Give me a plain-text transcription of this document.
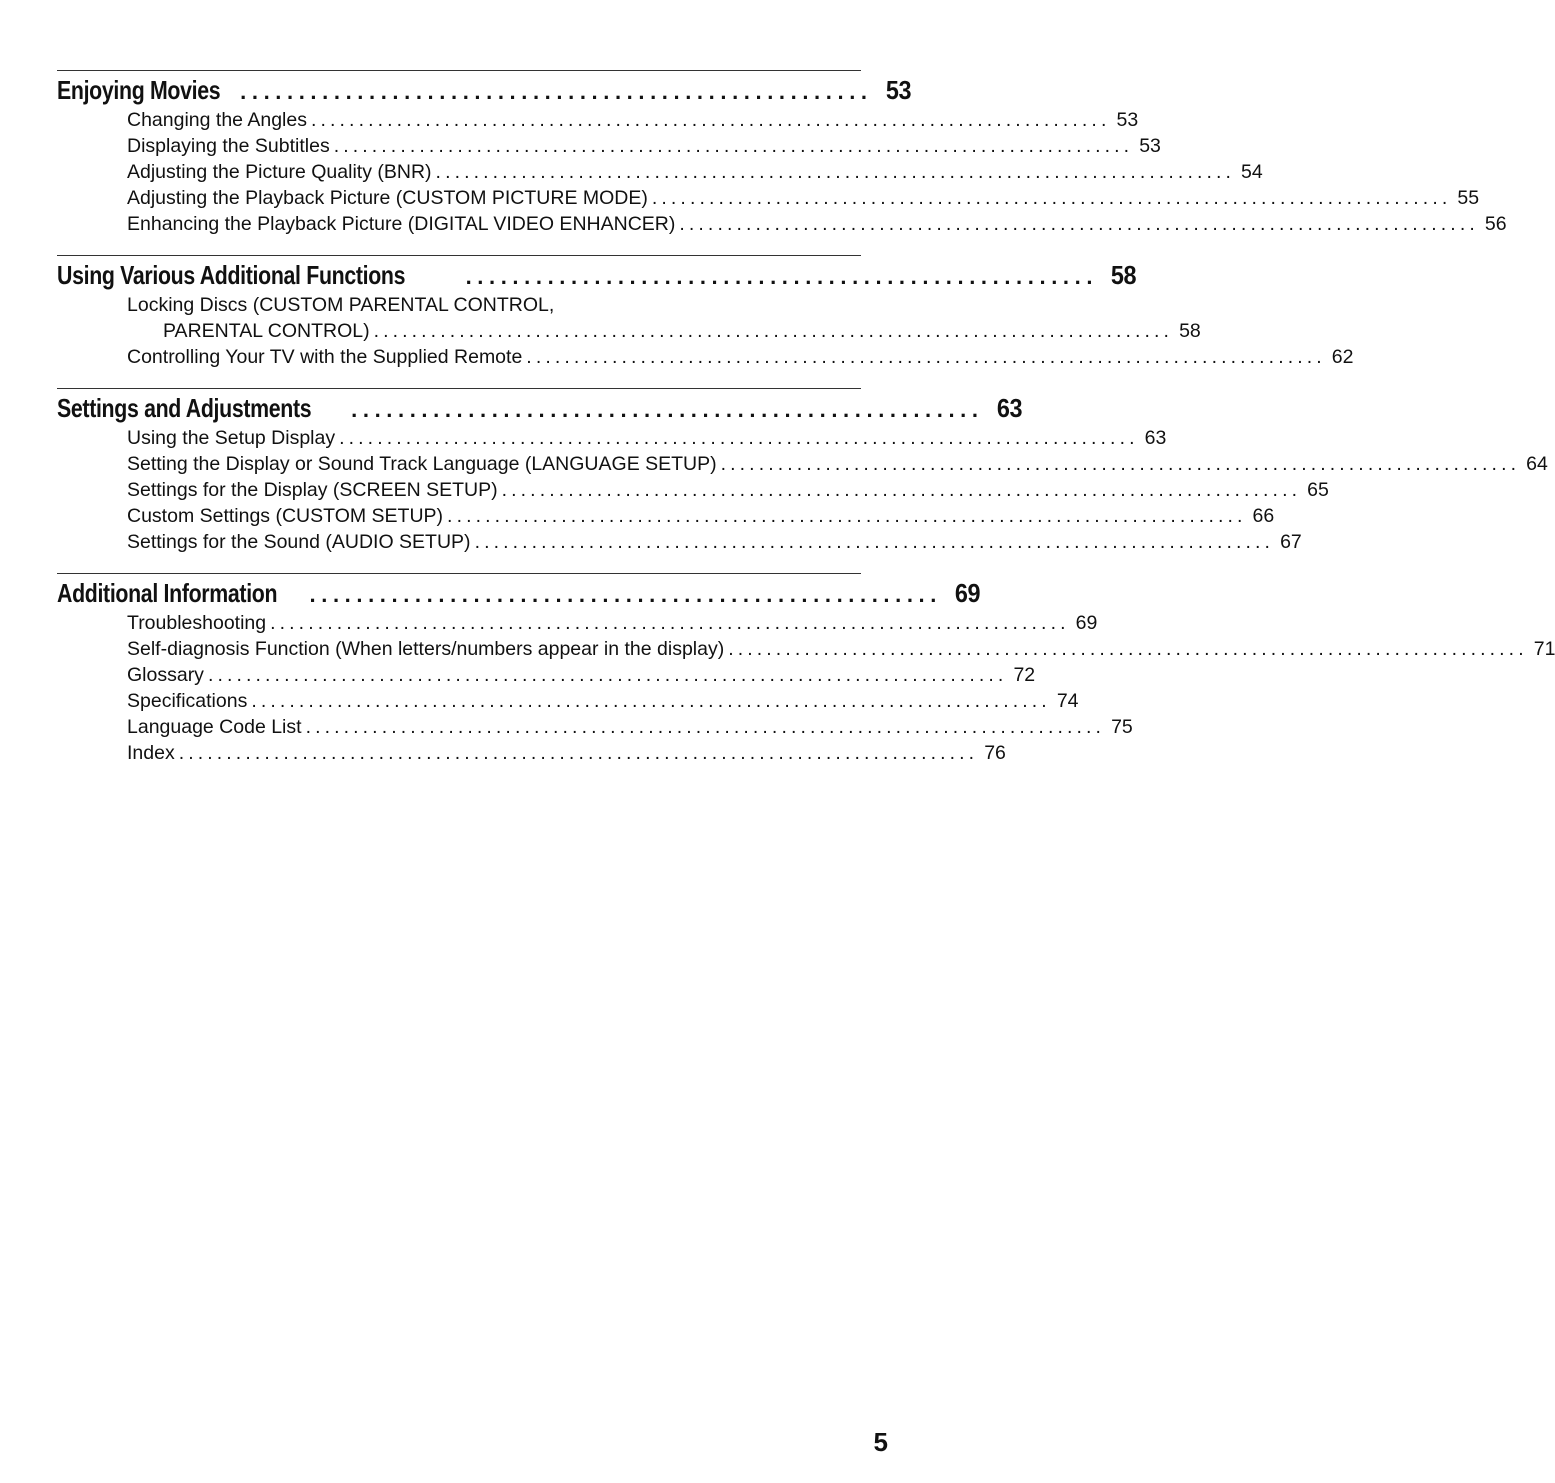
Enjoying Movies ...................................................... 53
Changing the Angles .................................................................................... 53
Displaying the Subtitles .................................................................................... 53
Adjusting the Picture Quality (BNR) .................................................................................... 54
Adjusting the Playback Picture (CUSTOM PICTURE MODE) .................................................................................... 55
Enhancing the Playback Picture (DIGITAL VIDEO ENHANCER) .................................................................................... 56
Using Various Additional Functions	...................................................... 58
Locking Discs (CUSTOM PARENTAL CONTROL,
PARENTAL CONTROL) .................................................................................... 58
Controlling Your TV with the Supplied Remote .................................................................................... 62
Settings and Adjustments ...................................................... 63
Using the Setup Display .................................................................................... 63
Setting the Display or Sound Track Language (LANGUAGE SETUP) .................................................................................... 64
Settings for the Display (SCREEN SETUP) .................................................................................... 65
Custom Settings (CUSTOM SETUP) .................................................................................... 66
Settings for the Sound (AUDIO SETUP) .................................................................................... 67
Additional Information ...................................................... 69
Troubleshooting .................................................................................... 69
Self-diagnosis Function (When letters/numbers appear in the display) .................................................................................... 71
Glossary .................................................................................... 72
Specifications .................................................................................... 74
Language Code List .................................................................................... 75
Index .................................................................................... 76
5
